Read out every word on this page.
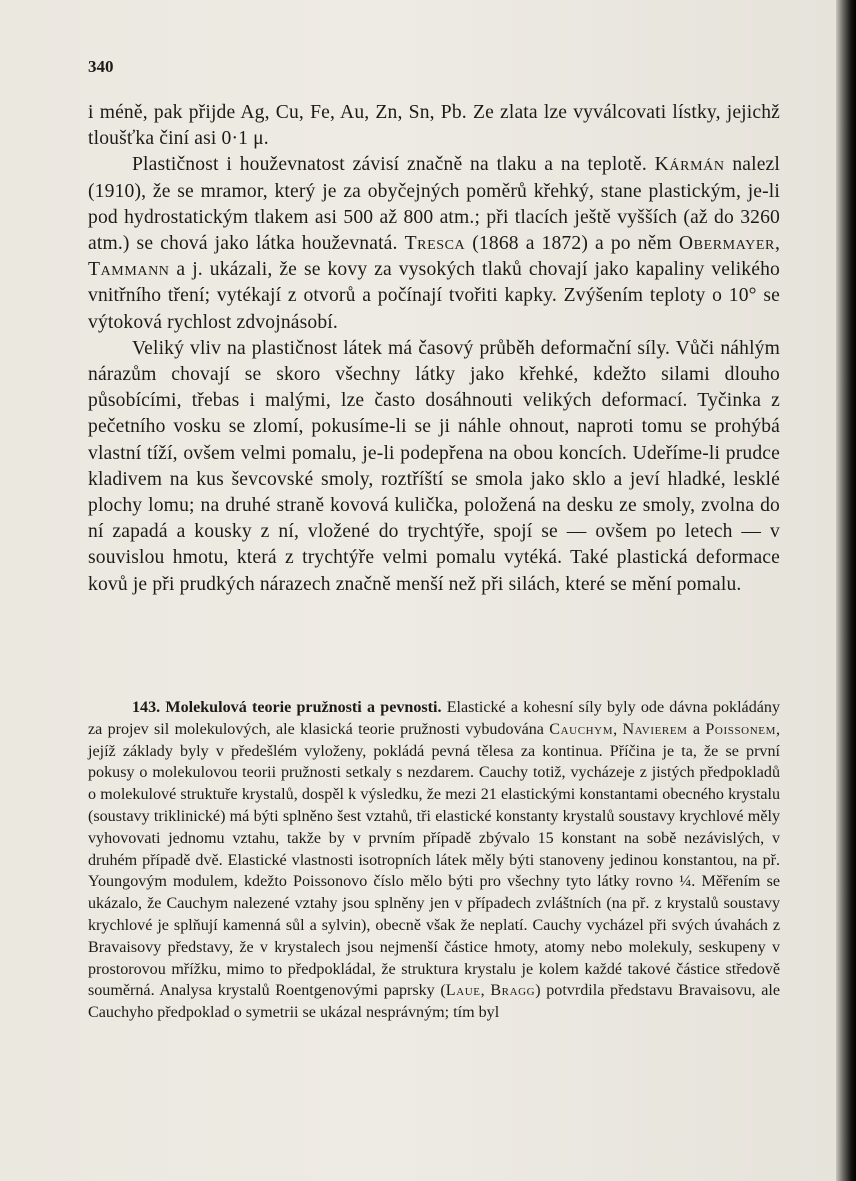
340

i méně, pak přijde Ag, Cu, Fe, Au, Zn, Sn, Pb. Ze zlata lze vyválcovati lístky, jejichž tloušťka činí asi 0·1 μ.

Plastičnost i houževnatost závisí značně na tlaku a na teplotě. Kármán nalezl (1910), že se mramor, který je za obyčejných poměrů křehký, stane plastickým, je-li pod hydrostatickým tlakem asi 500 až 800 atm.; při tlacích ještě vyšších (až do 3260 atm.) se chová jako látka houževnatá. Tresca (1868 a 1872) a po něm Obermayer, Tammann a j. ukázali, že se kovy za vysokých tlaků chovají jako kapaliny velikého vnitřního tření; vytékají z otvorů a počínají tvořiti kapky. Zvýšením teploty o 10° se výtoková rychlost zdvojnásobí.

Veliký vliv na plastičnost látek má časový průběh deformační síly. Vůči náhlým nárazům chovají se skoro všechny látky jako křehké, kdežto silami dlouho působícími, třebas i malými, lze často dosáhnouti velikých deformací. Tyčinka z pečetního vosku se zlomí, pokusíme-li se ji náhle ohnout, naproti tomu se prohýbá vlastní tíží, ovšem velmi pomalu, je-li podepřena na obou koncích. Udeříme-li prudce kladivem na kus ševcovské smoly, roztříští se smola jako sklo a jeví hladké, lesklé plochy lomu; na druhé straně kovová kulička, položená na desku ze smoly, zvolna do ní zapadá a kousky z ní, vložené do trychtýře, spojí se — ovšem po letech — v souvislou hmotu, která z trychtýře velmi pomalu vytéká. Také plastická deformace kovů je při prudkých nárazech značně menší než při silách, které se mění pomalu.

143. Molekulová teorie pružnosti a pevnosti. Elastické a kohesní síly byly ode dávna pokládány za projev sil molekulových, ale klasická teorie pružnosti vybudována Cauchym, Navierem a Poissonem, jejíž základy byly v předešlém vyloženy, pokládá pevná tělesa za kontinua. Příčina je ta, že se první pokusy o molekulovou teorii pružnosti setkaly s nezdarem. Cauchy totiž, vycházeje z jistých předpokladů o molekulové struktuře krystalů, dospěl k výsledku, že mezi 21 elastickými konstantami obecného krystalu (soustavy triklinické) má býti splněno šest vztahů, tři elastické konstanty krystalů soustavy krychlové měly vyhovovati jednomu vztahu, takže by v prvním případě zbývalo 15 konstant na sobě nezávislých, v druhém případě dvě. Elastické vlastnosti isotropních látek měly býti stanoveny jedinou konstantou, na př. Youngovým modulem, kdežto Poissonovo číslo mělo býti pro všechny tyto látky rovno ¼. Měřením se ukázalo, že Cauchym nalezené vztahy jsou splněny jen v případech zvláštních (na př. z krystalů soustavy krychlové je splňují kamenná sůl a sylvin), obecně však že neplatí. Cauchy vycházel při svých úvahách z Bravaisovy představy, že v krystalech jsou nejmenší částice hmoty, atomy nebo molekuly, seskupeny v prostorovou mřížku, mimo to předpokládal, že struktura krystalu je kolem každé takové částice středově souměrná. Analysa krystalů Roentgenovými paprsky (Laue, Bragg) potvrdila představu Bravaisovu, ale Cauchyho předpoklad o symetrii se ukázal nesprávným; tím byl
